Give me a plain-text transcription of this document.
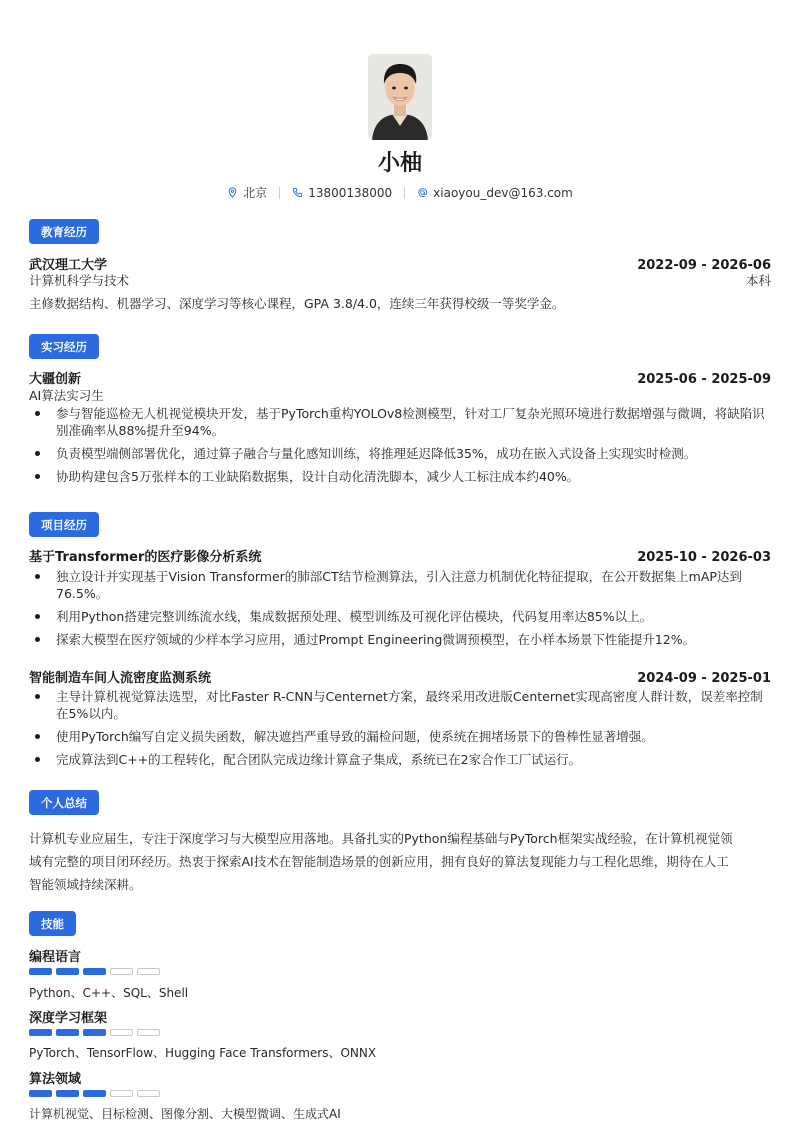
小柚
北京	13800138000	xiaoyou_dev@163.com
教育经历
武汉理工大学	2022-09 - 2026-06
计算机科学与技术	本科
主修数据结构、机器学习、深度学习等核心课程，GPA 3.8/4.0，连续三年获得校级一等奖学金。
实习经历
大疆创新	2025-06 - 2025-09
AI算法实习生
参与智能巡检无人机视觉模块开发，基于PyTorch重构YOLOv8检测模型，针对工厂复杂光照环境进行数据增强与微调，将缺陷识别准确率从88%提升至94%。
负责模型端侧部署优化，通过算子融合与量化感知训练，将推理延迟降低35%，成功在嵌入式设备上实现实时检测。
协助构建包含5万张样本的工业缺陷数据集，设计自动化清洗脚本，减少人工标注成本约40%。
项目经历
基于Transformer的医疗影像分析系统	2025-10 - 2026-03
独立设计并实现基于Vision Transformer的肺部CT结节检测算法，引入注意力机制优化特征提取，在公开数据集上mAP达到76.5%。
利用Python搭建完整训练流水线，集成数据预处理、模型训练及可视化评估模块，代码复用率达85%以上。
探索大模型在医疗领域的少样本学习应用，通过Prompt Engineering微调预模型，在小样本场景下性能提升12%。
智能制造车间人流密度监测系统	2024-09 - 2025-01
主导计算机视觉算法选型，对比Faster R-CNN与Centernet方案，最终采用改进版Centernet实现高密度人群计数，误差率控制在5%以内。
使用PyTorch编写自定义损失函数，解决遮挡严重导致的漏检问题，使系统在拥堵场景下的鲁棒性显著增强。
完成算法到C++的工程转化，配合团队完成边缘计算盒子集成，系统已在2家合作工厂试运行。
个人总结
计算机专业应届生，专注于深度学习与大模型应用落地。具备扎实的Python编程基础与PyTorch框架实战经验，在计算机视觉领
域有完整的项目闭环经历。热衷于探索AI技术在智能制造场景的创新应用，拥有良好的算法复现能力与工程化思维，期待在人工
智能领域持续深耕。
技能
编程语言
Python、C++、SQL、Shell
深度学习框架
PyTorch、TensorFlow、Hugging Face Transformers、ONNX
算法领域
计算机视觉、目标检测、图像分割、大模型微调、生成式AI
